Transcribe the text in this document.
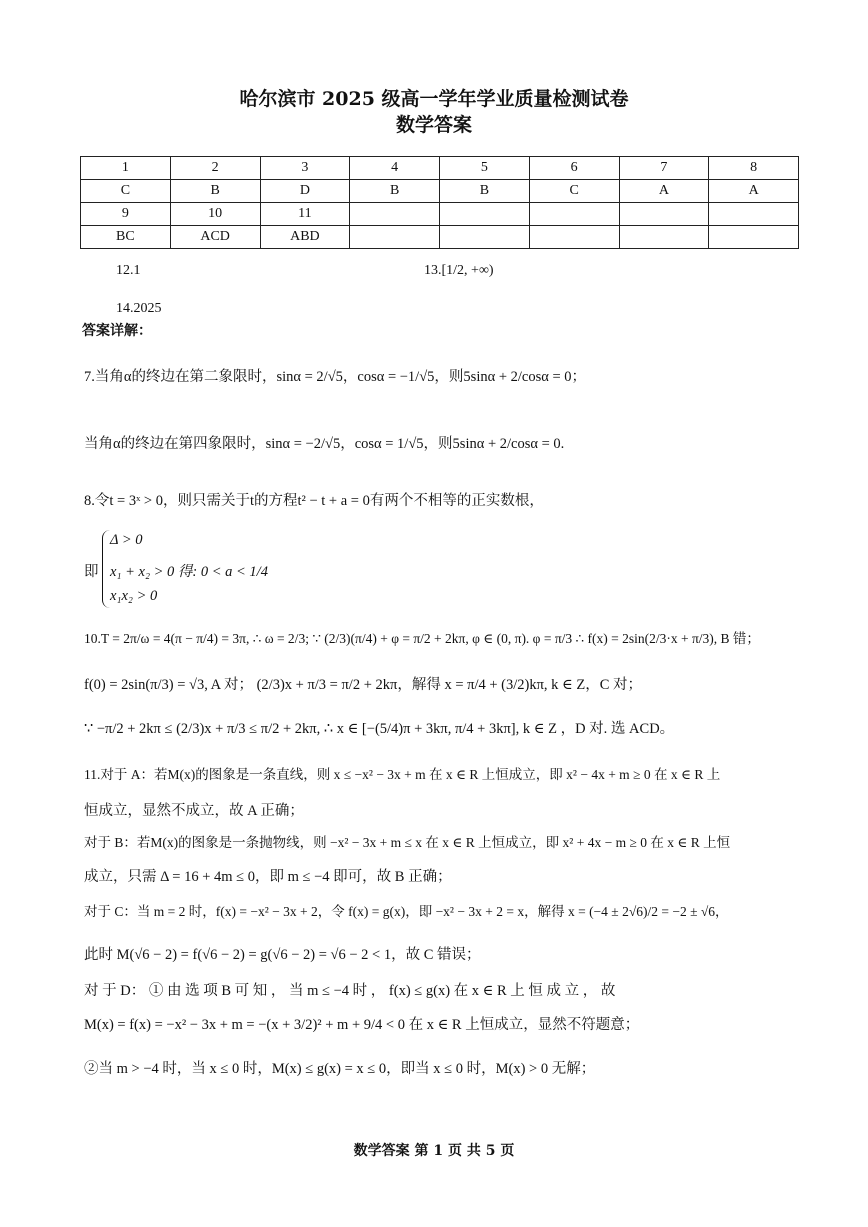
哈尔滨市 2025 级高一学年学业质量检测试卷
数学答案
1	2	3	4	5	6	7	8
C	B	D	B	B	C	A	A
9	10	11					
BC	ACD	ABD					
12.1	13.[1/2, +∞)
14.2025
答案详解：
7.当角α的终边在第二象限时，sinα = 2/√5，cosα = −1/√5，则5sinα + 2/cosα = 0；
当角α的终边在第四象限时，sinα = −2/√5，cosα = 1/√5，则5sinα + 2/cosα = 0.
8.令t = 3ˣ > 0，则只需关于t的方程t² − t + a = 0有两个不相等的正实数根，
即
Δ > 0
x₁ + x₂ > 0 得: 0 < a < 1/4
x₁x₂ > 0
10.T = 2π/ω = 4(π − π/4) = 3π, ∴ ω = 2/3; ∵ (2/3)(π/4) + φ = π/2 + 2kπ, φ ∈ (0, π). φ = π/3 ∴ f(x) = 2sin(2/3·x + π/3), B 错；
f(0) = 2sin(π/3) = √3, A 对； (2/3)x + π/3 = π/2 + 2kπ，解得 x = π/4 + (3/2)kπ, k ∈ Z，C 对；
∵ −π/2 + 2kπ ≤ (2/3)x + π/3 ≤ π/2 + 2kπ, ∴ x ∈ [−(5/4)π + 3kπ, π/4 + 3kπ], k ∈ Z ，D 对. 选 ACD。
11.对于 A：若M(x)的图象是一条直线，则 x ≤ −x² − 3x + m 在 x ∈ R 上恒成立，即 x² − 4x + m ≥ 0 在 x ∈ R 上
恒成立，显然不成立，故 A 正确；
对于 B：若M(x)的图象是一条抛物线，则 −x² − 3x + m ≤ x 在 x ∈ R 上恒成立，即 x² + 4x − m ≥ 0 在 x ∈ R 上恒
成立，只需 Δ = 16 + 4m ≤ 0，即 m ≤ −4 即可，故 B 正确；
对于 C：当 m = 2 时，f(x) = −x² − 3x + 2，令 f(x) = g(x)，即 −x² − 3x + 2 = x，解得 x = (−4 ± 2√6)/2 = −2 ± √6，
此时 M(√6 − 2) = f(√6 − 2) = g(√6 − 2) = √6 − 2 < 1，故 C 错误；
对 于 D： ① 由 选 项 B 可 知 ， 当 m ≤ −4 时 ， f(x) ≤ g(x) 在 x ∈ R 上 恒 成 立 ， 故
M(x) = f(x) = −x² − 3x + m = −(x + 3/2)² + m + 9/4 < 0 在 x ∈ R 上恒成立，显然不符题意；
②当 m > −4 时，当 x ≤ 0 时，M(x) ≤ g(x) = x ≤ 0，即当 x ≤ 0 时，M(x) > 0 无解；
数学答案 第 1 页 共 5 页
